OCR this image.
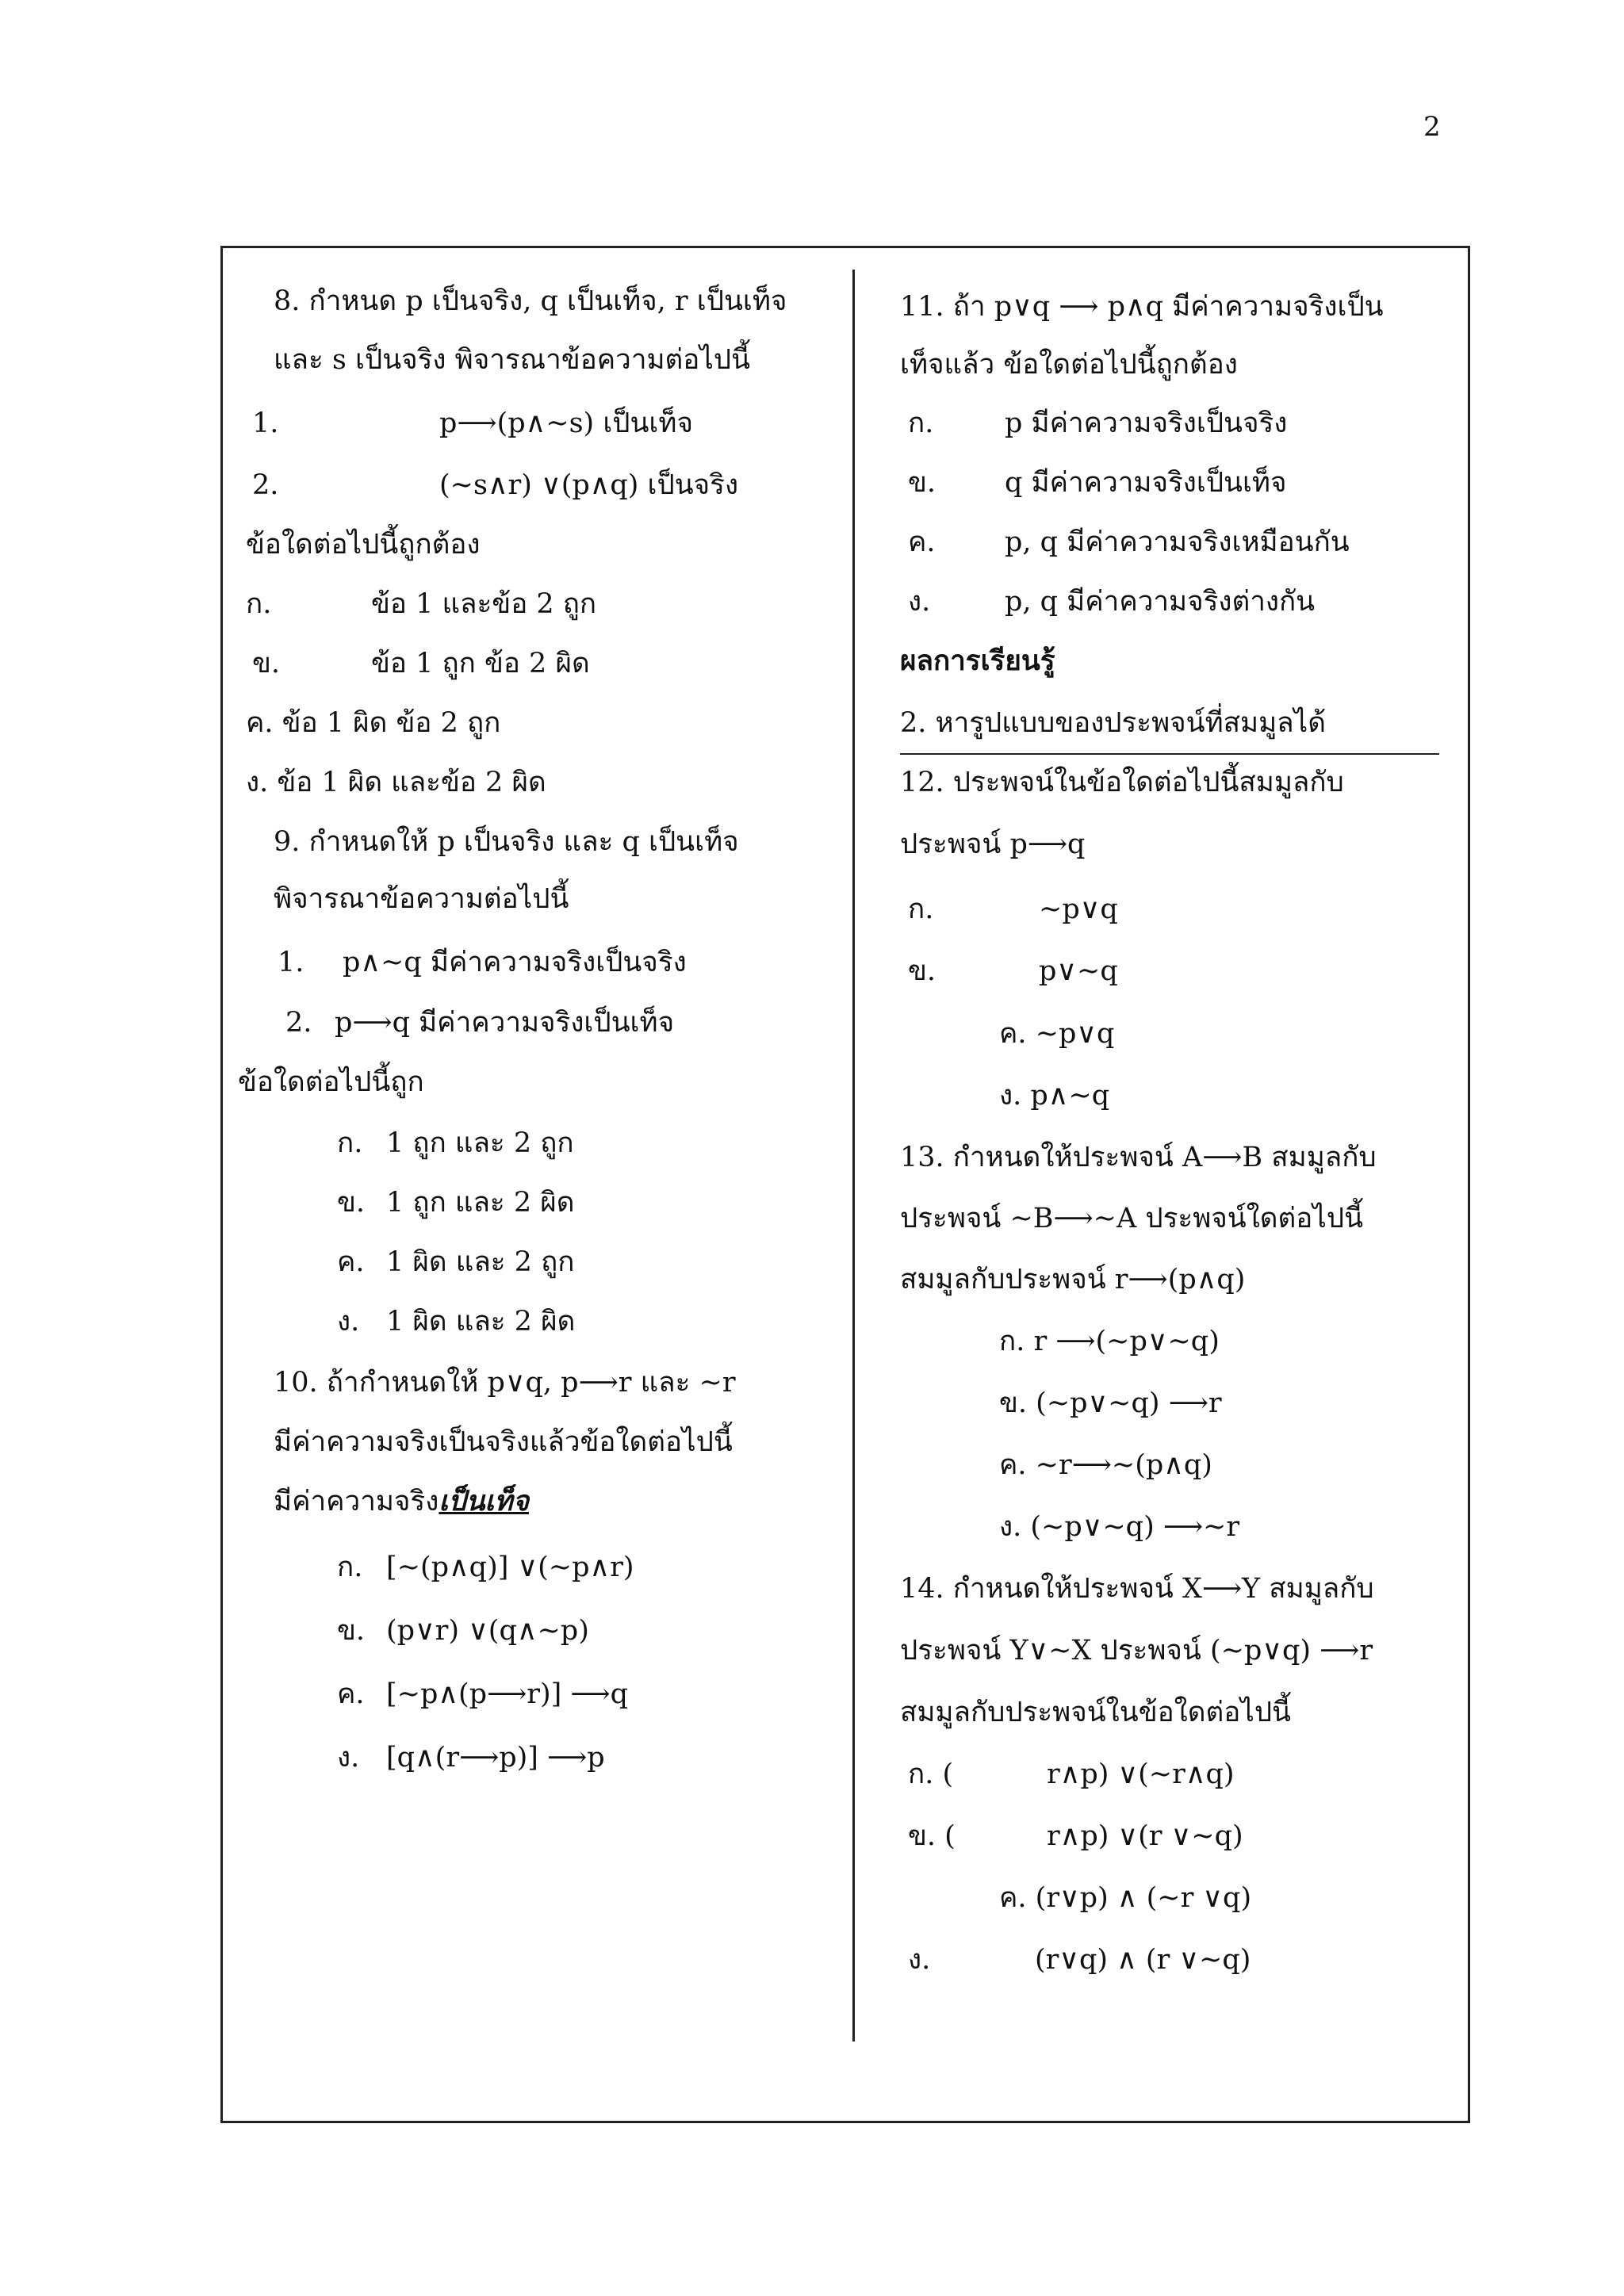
2
8. กำหนด p เป็นจริง, q เป็นเท็จ, r เป็นเท็จ
และ s เป็นจริง พิจารณาข้อความต่อไปนี้
1.	p⟶(p∧∼s) เป็นเท็จ
2.	(∼s∧r) ∨(p∧q) เป็นจริง
ข้อใดต่อไปนี้ถูกต้อง
ก.	ข้อ 1 และข้อ 2 ถูก
ข.	ข้อ 1 ถูก ข้อ 2 ผิด
ค. ข้อ 1 ผิด ข้อ 2 ถูก
ง. ข้อ 1 ผิด และข้อ 2 ผิด
9. กำหนดให้ p เป็นจริง และ q เป็นเท็จ
พิจารณาข้อความต่อไปนี้
1. p∧∼q มีค่าความจริงเป็นจริง
2. p⟶q มีค่าความจริงเป็นเท็จ
ข้อใดต่อไปนี้ถูก
ก. 1 ถูก และ 2 ถูก
ข. 1 ถูก และ 2 ผิด
ค. 1 ผิด และ 2 ถูก
ง. 1 ผิด และ 2 ผิด
10. ถ้ากำหนดให้ p∨q, p⟶r และ ∼r
มีค่าความจริงเป็นจริงแล้วข้อใดต่อไปนี้
มีค่าความจริงเป็นเท็จ
ก. [∼(p∧q)] ∨(∼p∧r)
ข. (p∨r) ∨(q∧∼p)
ค. [∼p∧(p⟶r)] ⟶q
ง. [q∧(r⟶p)] ⟶p
11. ถ้า p∨q ⟶ p∧q มีค่าความจริงเป็น
เท็จแล้ว ข้อใดต่อไปนี้ถูกต้อง
ก.	p มีค่าความจริงเป็นจริง
ข. q มีค่าความจริงเป็นเท็จ
ค. p, q มีค่าความจริงเหมือนกัน
ง.	p, q มีค่าความจริงต่างกัน
ผลการเรียนรู้
2. หารูปแบบของประพจน์ที่สมมูลได้
12. ประพจน์ในข้อใดต่อไปนี้สมมูลกับ
ประพจน์ p⟶q
ก.	∼p∨q
ข.	p∨∼q
ค. ∼p∨q
ง. p∧∼q
13. กำหนดให้ประพจน์ A⟶B สมมูลกับ
ประพจน์ ∼B⟶∼A ประพจน์ใดต่อไปนี้
สมมูลกับประพจน์ r⟶(p∧q)
ก. r ⟶(∼p∨∼q)
ข. (∼p∨∼q) ⟶r
ค. ∼r⟶∼(p∧q)
ง. (∼p∨∼q) ⟶∼r
14. กำหนดให้ประพจน์ X⟶Y สมมูลกับ
ประพจน์ Y∨∼X ประพจน์ (∼p∨q) ⟶r
สมมูลกับประพจน์ในข้อใดต่อไปนี้
ก. (	r∧p) ∨(∼r∧q)
ข. (	r∧p) ∨(r ∨∼q)
ค. (r∨p) ∧ (∼r ∨q)
ง.	(r∨q) ∧ (r ∨∼q)
